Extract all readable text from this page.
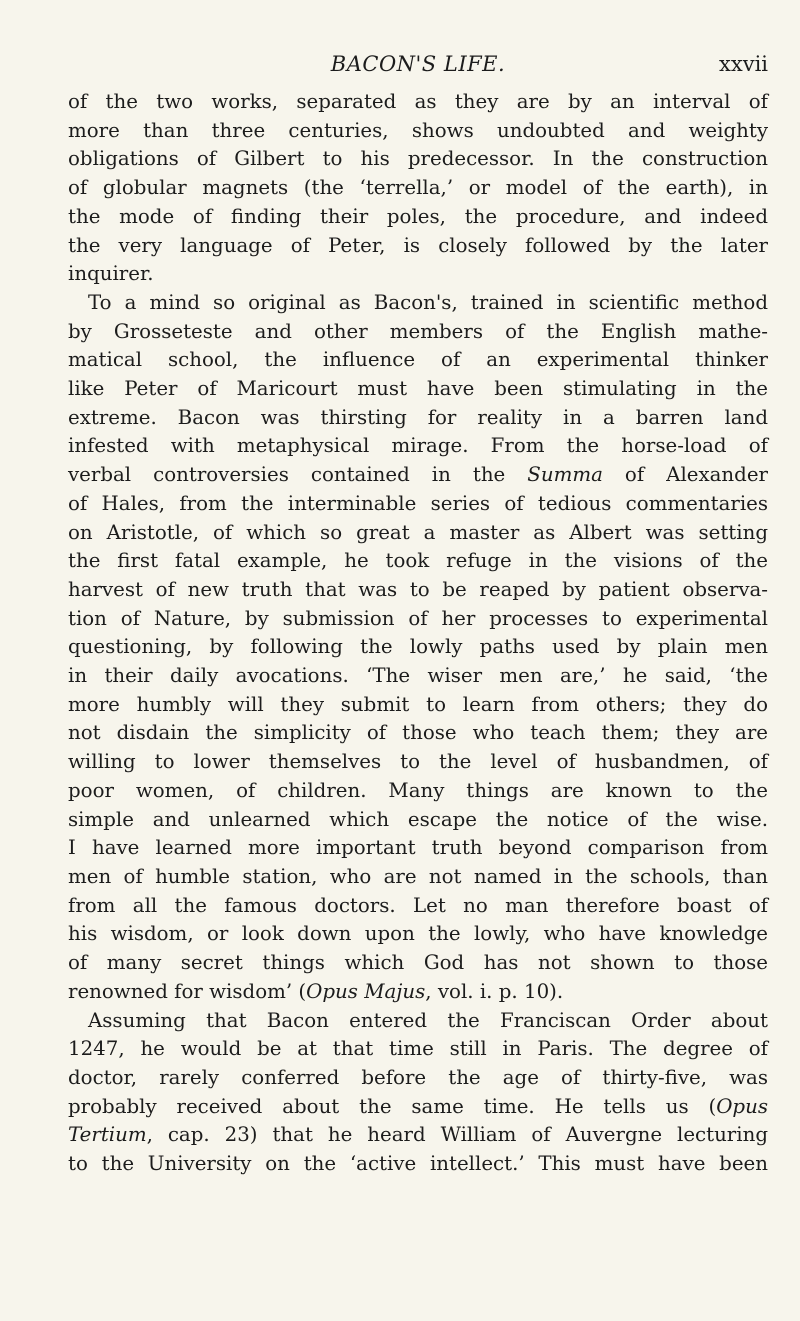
BACON'S LIFE.	xxvii

of the two works, separated as they are by an interval of
more than three centuries, shows undoubted and weighty
obligations of Gilbert to his predecessor. In the construction
of globular magnets (the ‘terrella,’ or model of the earth), in
the mode of finding their poles, the procedure, and indeed
the very language of Peter, is closely followed by the later
inquirer.

To a mind so original as Bacon's, trained in scientific method
by Grosseteste and other members of the English mathe-
matical school, the influence of an experimental thinker
like Peter of Maricourt must have been stimulating in the
extreme. Bacon was thirsting for reality in a barren land
infested with metaphysical mirage. From the horse-load of
verbal controversies contained in the Summa of Alexander
of Hales, from the interminable series of tedious commentaries
on Aristotle, of which so great a master as Albert was setting
the first fatal example, he took refuge in the visions of the
harvest of new truth that was to be reaped by patient observa-
tion of Nature, by submission of her processes to experimental
questioning, by following the lowly paths used by plain men
in their daily avocations. ‘The wiser men are,’ he said, ‘the
more humbly will they submit to learn from others; they do
not disdain the simplicity of those who teach them; they are
willing to lower themselves to the level of husbandmen, of
poor women, of children. Many things are known to the
simple and unlearned which escape the notice of the wise.
I have learned more important truth beyond comparison from
men of humble station, who are not named in the schools, than
from all the famous doctors. Let no man therefore boast of
his wisdom, or look down upon the lowly, who have knowledge
of many secret things which God has not shown to those
renowned for wisdom’ (Opus Majus, vol. i. p. 10).

Assuming that Bacon entered the Franciscan Order about
1247, he would be at that time still in Paris. The degree of
doctor, rarely conferred before the age of thirty-five, was
probably received about the same time. He tells us (Opus
Tertium, cap. 23) that he heard William of Auvergne lecturing
to the University on the ‘active intellect.’ This must have been
